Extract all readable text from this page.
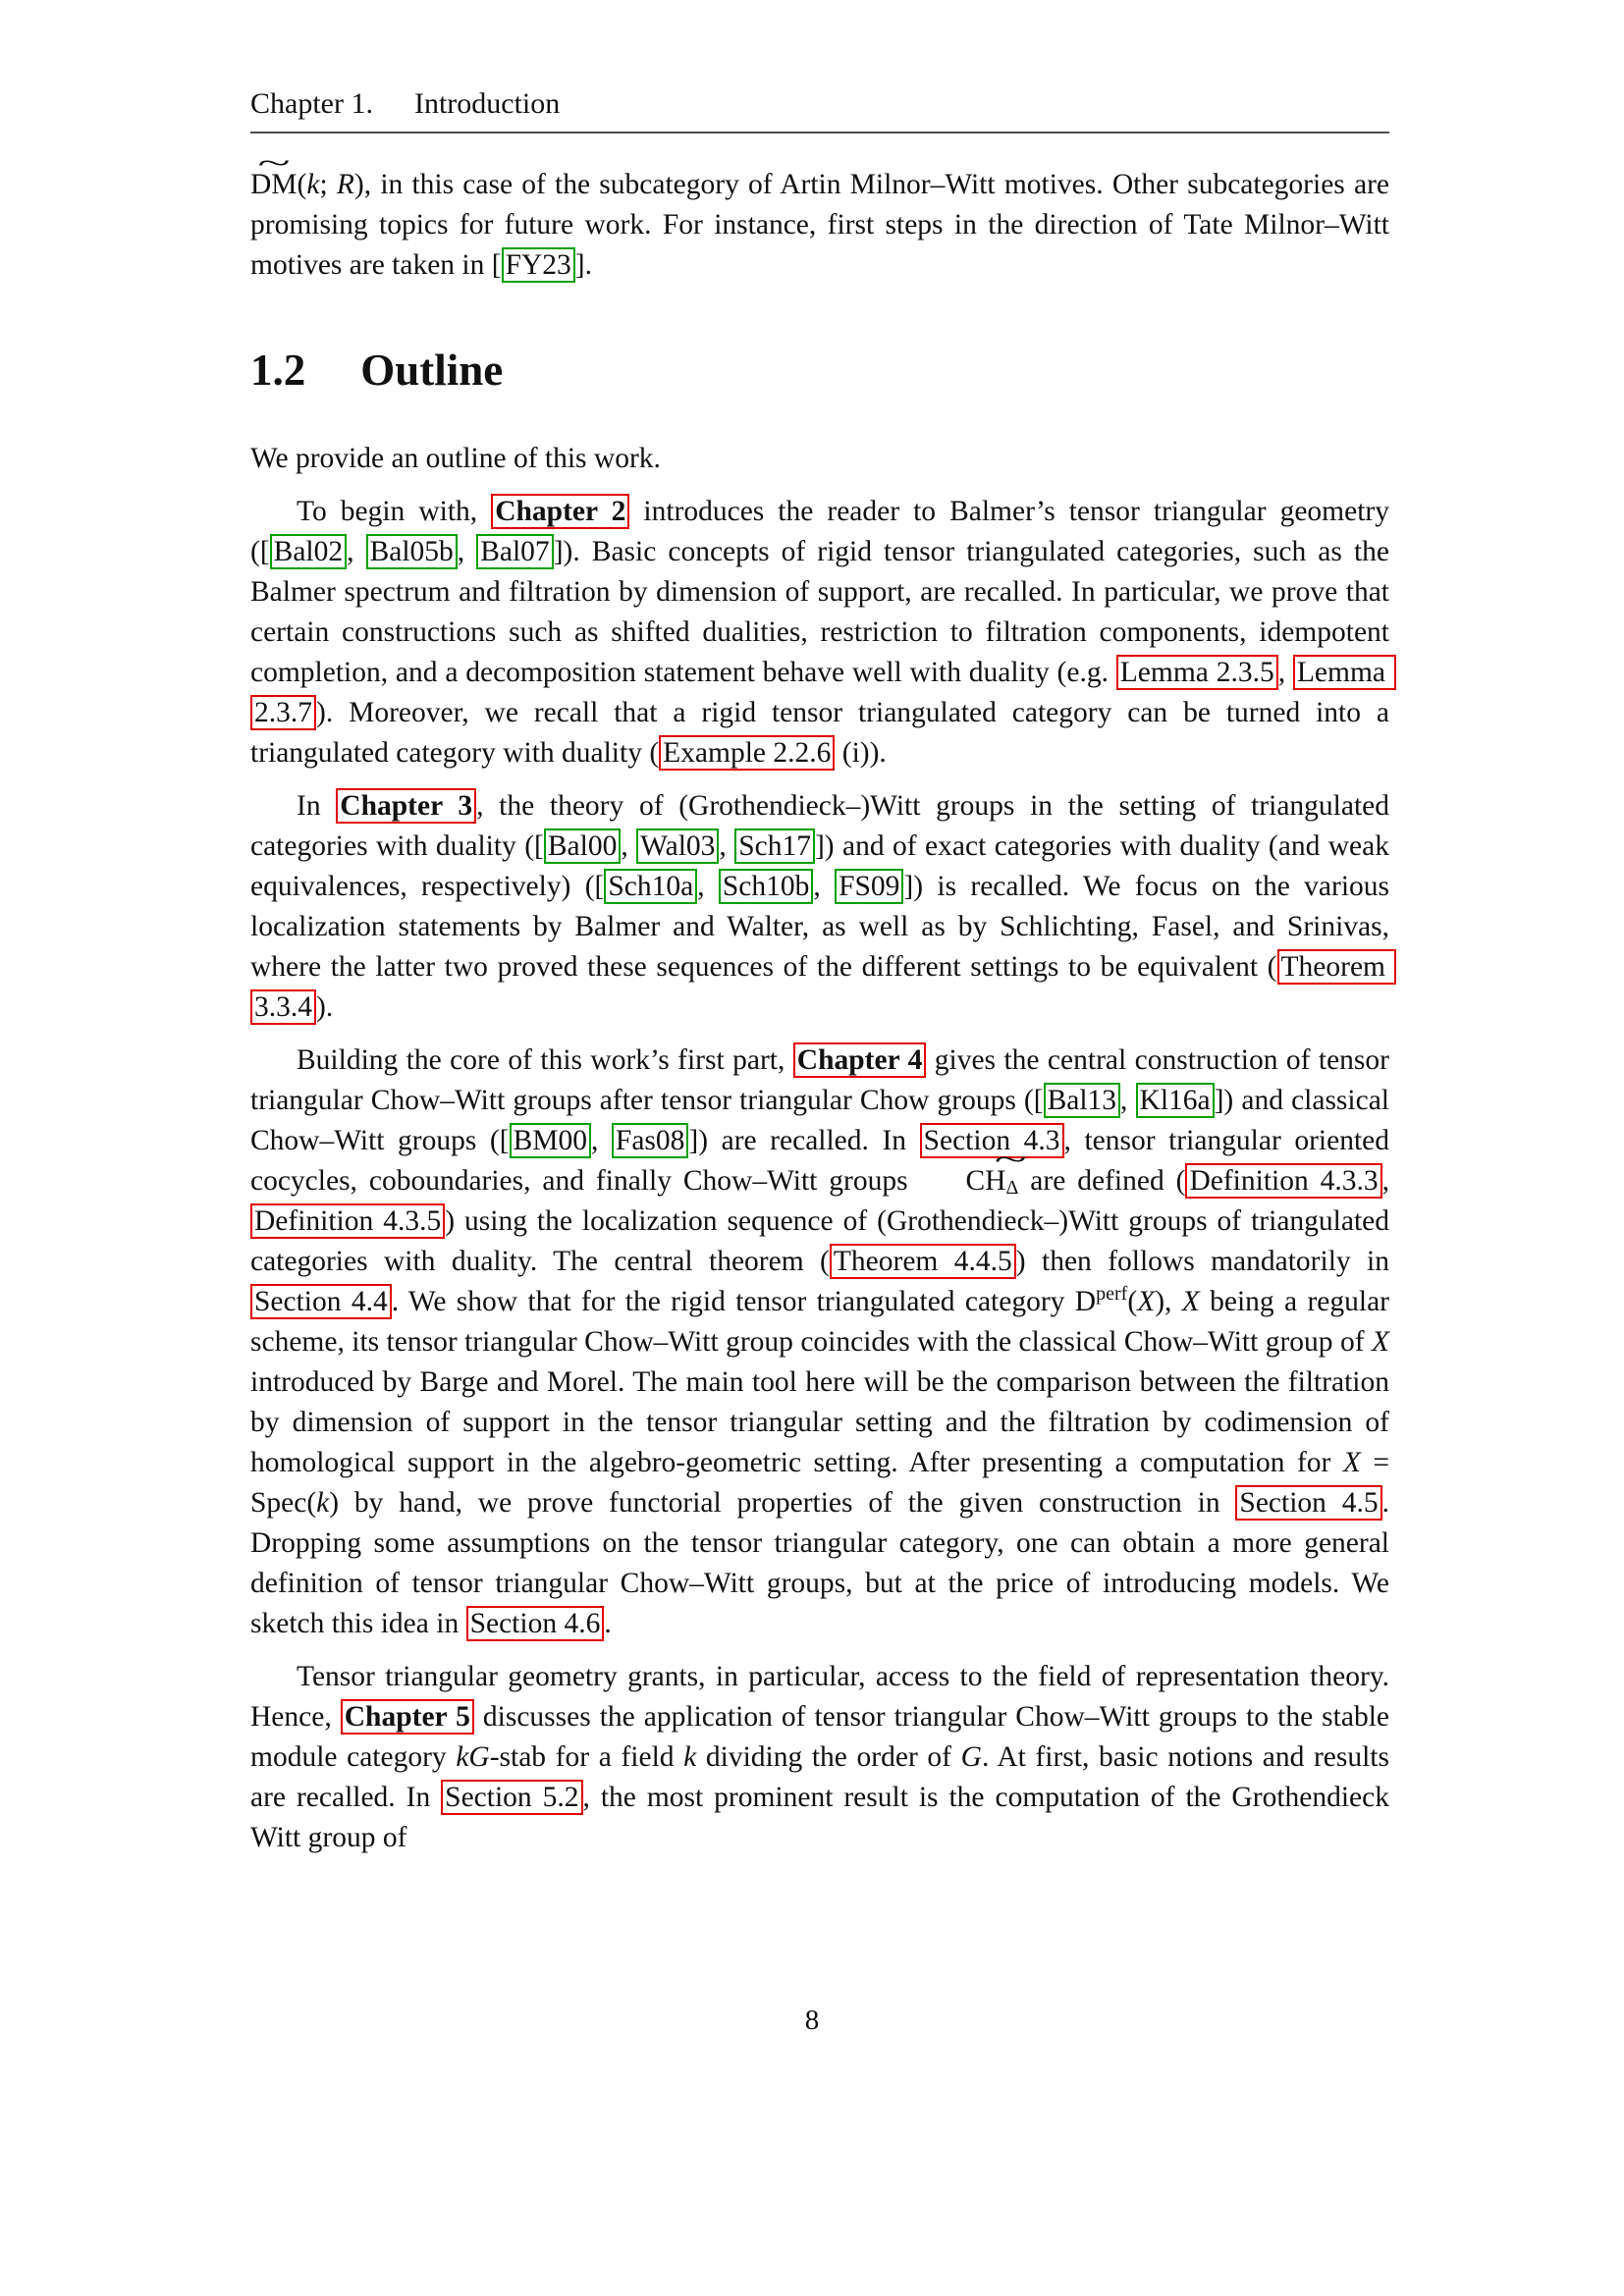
Chapter 1. Introduction

DM ~(k; R), in this case of the subcategory of Artin Milnor–Witt motives. Other subcategories are promising topics for future work. For instance, first steps in the direction of Tate Milnor–Witt motives are taken in [ FY23 ].

1.2 Outline

We provide an outline of this work.

To begin with, Chapter 2 introduces the reader to Balmer’s tensor triangular geometry ([ Bal02 , Bal05b , Bal07 ]). Basic concepts of rigid tensor triangulated categories, such as the Balmer spectrum and filtration by dimension of support, are recalled. In particular, we prove that certain constructions such as shifted dualities, restriction to filtration components, idempotent completion, and a decomposition statement behave well with duality (e.g. Lemma 2.3.5 , Lemma 2.3.7 ). Moreover, we recall that a rigid tensor triangulated category can be turned into a triangulated category with duality ( Example 2.2.6 (i)).

In Chapter 3 , the theory of (Grothendieck–)Witt groups in the setting of triangulated categories with duality ([ Bal00 , Wal03 , Sch17 ]) and of exact categories with duality (and weak equivalences, respectively) ([ Sch10a , Sch10b , FS09 ]) is recalled. We focus on the various localization statements by Balmer and Walter, as well as by Schlichting, Fasel, and Srinivas, where the latter two proved these sequences of the different settings to be equivalent ( Theorem 3.3.4 ).

Building the core of this work’s first part, Chapter 4 gives the central construction of tensor triangular Chow–Witt groups after tensor triangular Chow groups ([ Bal13 , Kl16a ]) and classical Chow–Witt groups ([ BM00 , Fas08 ]) are recalled. In Section 4.3 , tensor triangular oriented cocycles, coboundaries, and finally Chow–Witt groups CH $\sim_\Delta$ are defined ( Definition 4.3.3 , Definition 4.3.5 ) using the localization sequence of (Grothendieck–)Witt groups of triangulated categories with duality. The central theorem ( Theorem 4.4.5 ) then follows mandatorily in Section 4.4 . We show that for the rigid tensor triangulated category $D^{perf}(X)$, X being a regular scheme, its tensor triangular Chow–Witt group coincides with the classical Chow–Witt group of X introduced by Barge and Morel. The main tool here will be the comparison between the filtration by dimension of support in the tensor triangular setting and the filtration by codimension of homological support in the algebro-geometric setting. After presenting a computation for X = Spec(k) by hand, we prove functorial properties of the given construction in Section 4.5 . Dropping some assumptions on the tensor triangular category, one can obtain a more general definition of tensor triangular Chow–Witt groups, but at the price of introducing models. We sketch this idea in Section 4.6 .

Tensor triangular geometry grants, in particular, access to the field of representation theory. Hence, Chapter 5 discusses the application of tensor triangular Chow–Witt groups to the stable module category kG-stab for a field k dividing the order of G. At first, basic notions and results are recalled. In Section 5.2 , the most prominent result is the computation of the Grothendieck Witt group of

8
